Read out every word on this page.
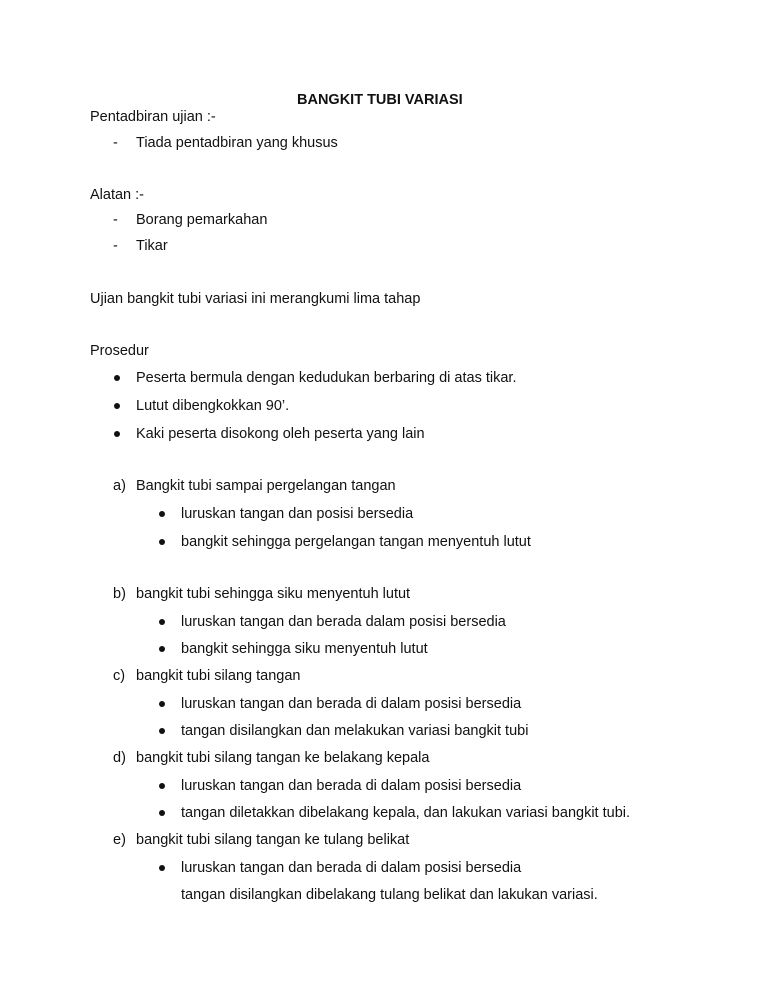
BANGKIT TUBI VARIASI
Pentadbiran ujian :-
- Tiada pentadbiran yang khusus
Alatan :-
- Borang pemarkahan
- Tikar
Ujian bangkit tubi variasi ini merangkumi lima tahap
Prosedur
Peserta bermula dengan kedudukan berbaring di atas tikar.
Lutut dibengkokkan 90’.
Kaki peserta disokong oleh peserta yang lain
a) Bangkit tubi sampai pergelangan tangan
luruskan tangan dan posisi bersedia
bangkit sehingga pergelangan tangan menyentuh lutut
b) bangkit tubi sehingga siku menyentuh lutut
luruskan tangan dan berada dalam posisi bersedia
bangkit sehingga siku menyentuh lutut
c) bangkit tubi silang tangan
luruskan tangan dan berada di dalam posisi bersedia
tangan disilangkan dan melakukan variasi bangkit tubi
d) bangkit tubi silang tangan ke belakang kepala
luruskan tangan dan berada di dalam posisi bersedia
tangan diletakkan dibelakang kepala, dan lakukan variasi bangkit tubi.
e) bangkit tubi silang tangan ke tulang belikat
luruskan tangan dan berada di dalam posisi bersedia
tangan disilangkan dibelakang tulang belikat dan lakukan variasi.
